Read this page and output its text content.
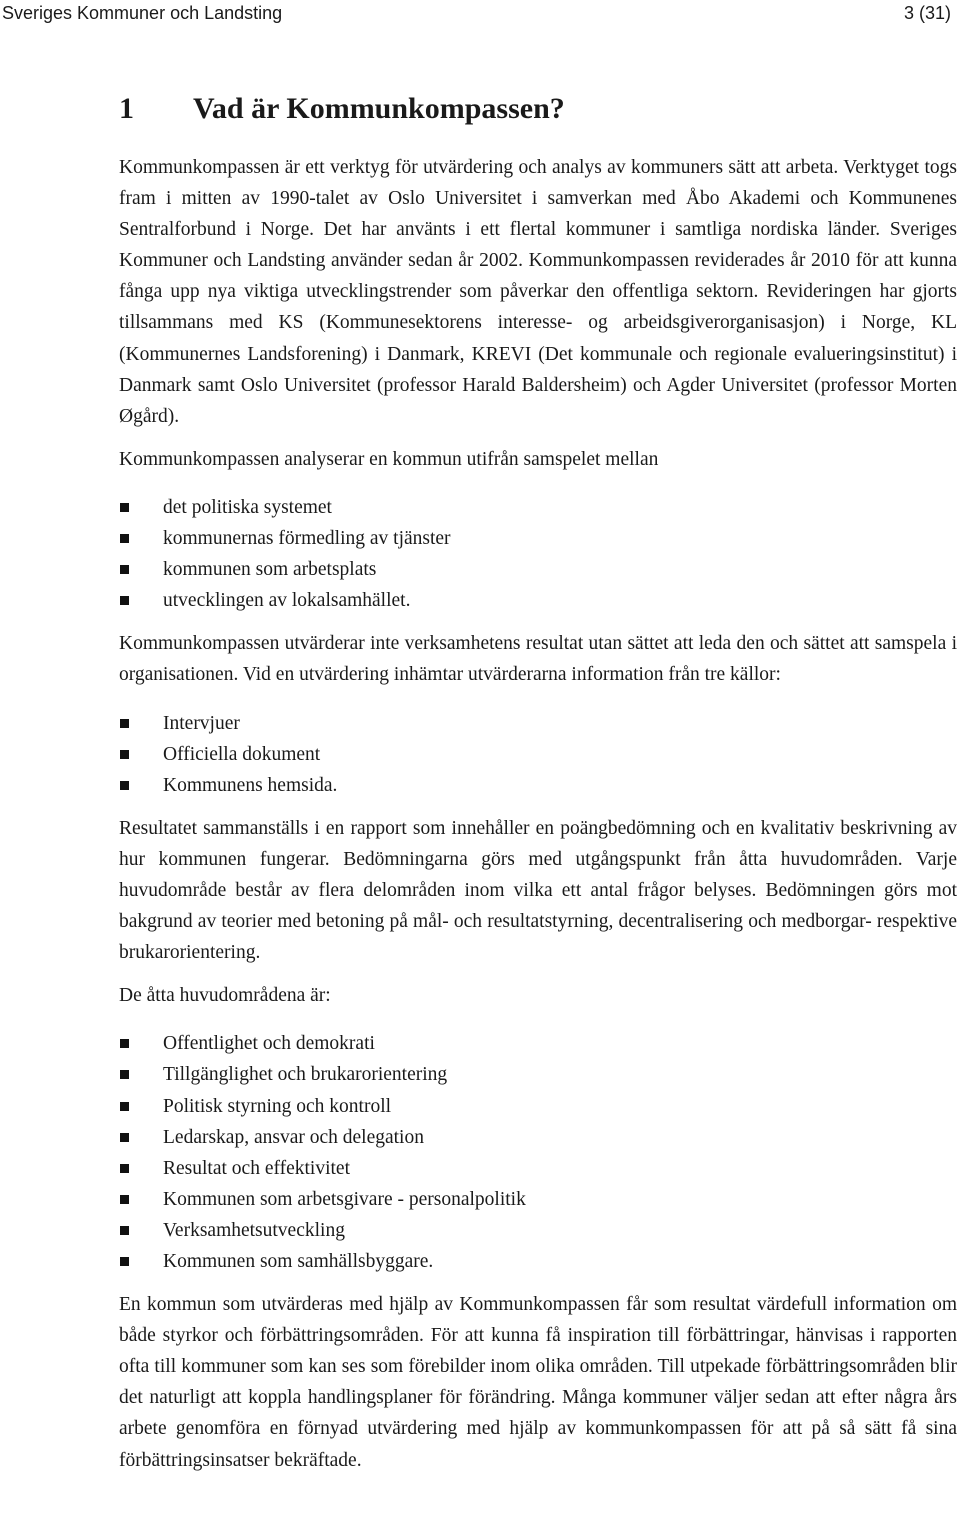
Sveriges Kommuner och Landsting	3 (31)
1 Vad är Kommunkompassen?

Kommunkompassen är ett verktyg för utvärdering och analys av kommuners sätt att arbeta. Verktyget togs fram i mitten av 1990-talet av Oslo Universitet i samverkan med Åbo Akademi och Kommunenes Sentralforbund i Norge. Det har använts i ett flertal kommuner i samtliga nordiska länder. Sveriges Kommuner och Landsting använder sedan år 2002. Kommunkompassen reviderades år 2010 för att kunna fånga upp nya viktiga utvecklingstrender som påverkar den offentliga sektorn. Revideringen har gjorts tillsammans med KS (Kommunesektorens interesse- og arbeidsgiverorganisasjon) i Norge, KL (Kommunernes Landsforening) i Danmark, KREVI (Det kommunale och regionale evalueringsinstitut) i Danmark samt Oslo Universitet (professor Harald Baldersheim) och Agder Universitet (professor Morten Øgård).

Kommunkompassen analyserar en kommun utifrån samspelet mellan

det politiska systemet
kommunernas förmedling av tjänster
kommunen som arbetsplats
utvecklingen av lokalsamhället.

Kommunkompassen utvärderar inte verksamhetens resultat utan sättet att leda den och sättet att samspela i organisationen. Vid en utvärdering inhämtar utvärderarna information från tre källor:

Intervjuer
Officiella dokument
Kommunens hemsida.

Resultatet sammanställs i en rapport som innehåller en poängbedömning och en kvalitativ beskrivning av hur kommunen fungerar. Bedömningarna görs med utgångspunkt från åtta huvudområden. Varje huvudområde består av flera delområden inom vilka ett antal frågor belyses. Bedömningen görs mot bakgrund av teorier med betoning på mål- och resultatstyrning, decentralisering och medborgar- respektive brukarorientering.

De åtta huvudområdena är:

Offentlighet och demokrati
Tillgänglighet och brukarorientering
Politisk styrning och kontroll
Ledarskap, ansvar och delegation
Resultat och effektivitet
Kommunen som arbetsgivare - personalpolitik
Verksamhetsutveckling
Kommunen som samhällsbyggare.

En kommun som utvärderas med hjälp av Kommunkompassen får som resultat värdefull information om både styrkor och förbättringsområden. För att kunna få inspiration till förbättringar, hänvisas i rapporten ofta till kommuner som kan ses som förebilder inom olika områden. Till utpekade förbättringsområden blir det naturligt att koppla handlingsplaner för förändring. Många kommuner väljer sedan att efter några års arbete genomföra en förnyad utvärdering med hjälp av kommunkompassen för att på så sätt få sina förbättringsinsatser bekräftade.
